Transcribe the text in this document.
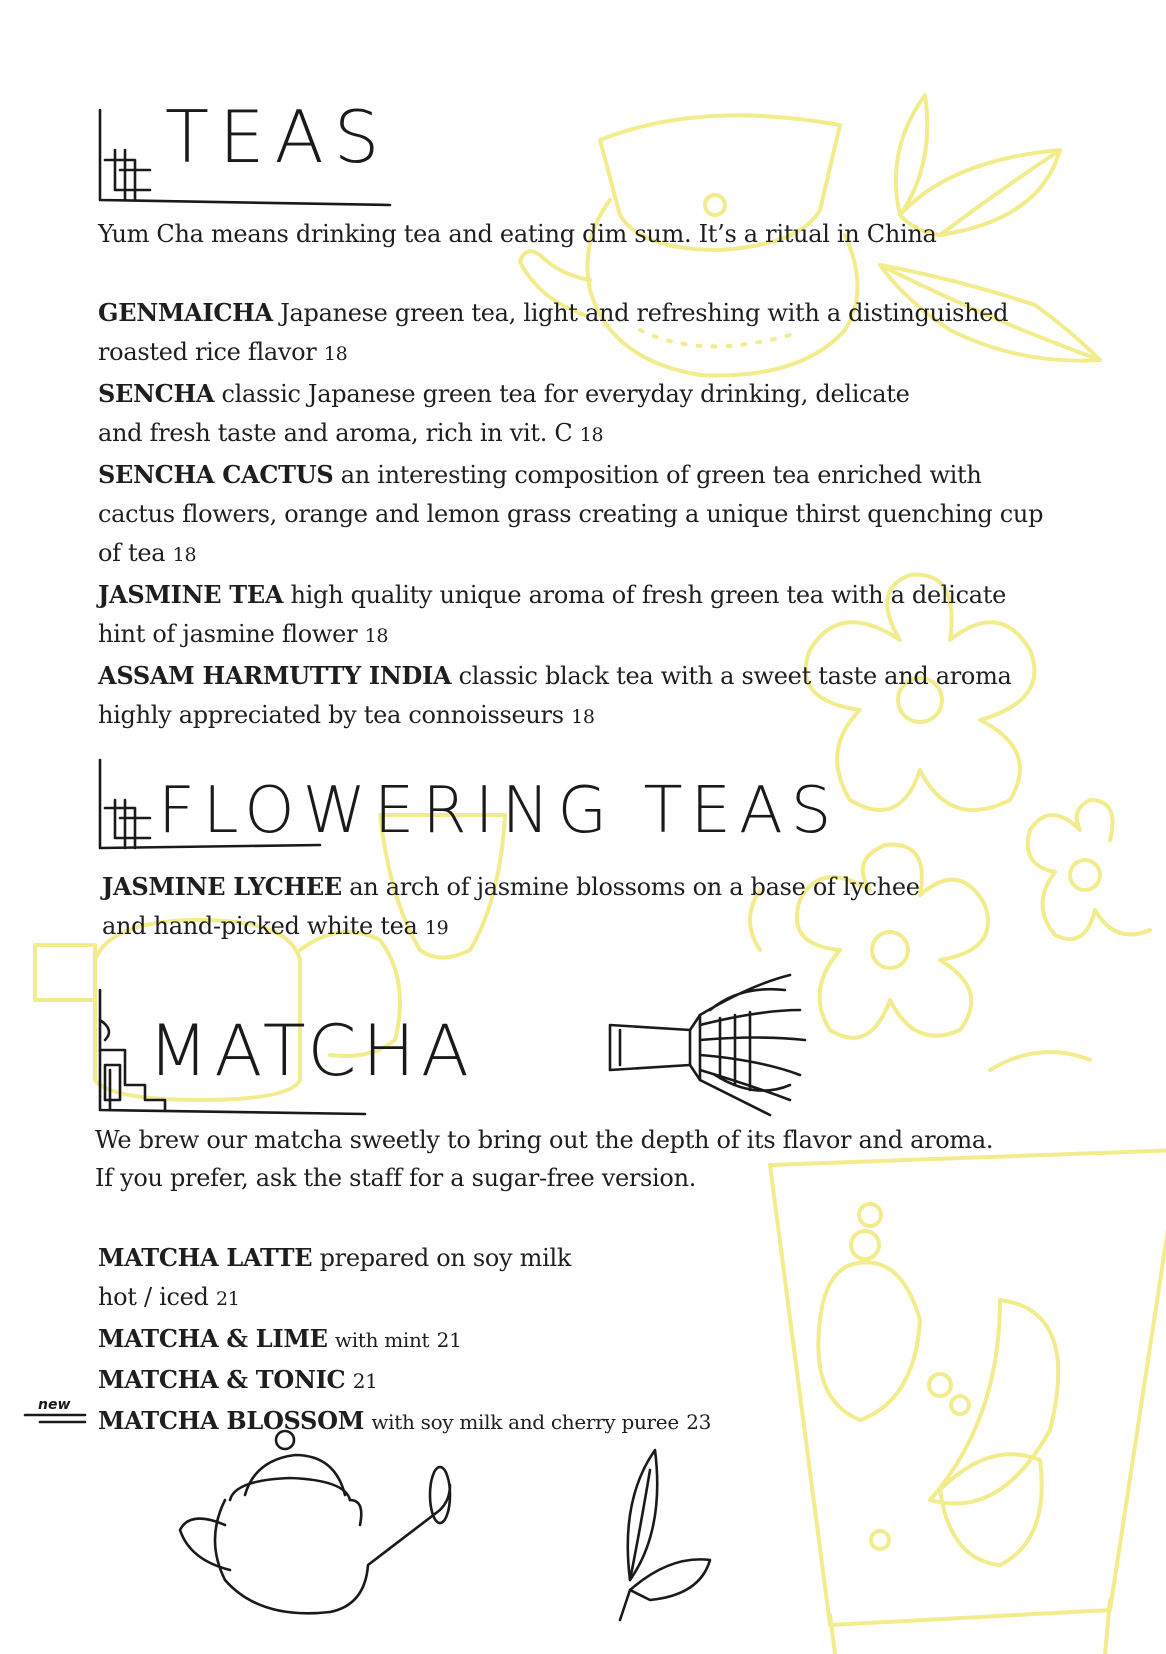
TEAS
FLOWERING TEAS
MATCHA
new
Yum Cha means drinking tea and eating dim sum. It’s a ritual in China

GENMAICHA Japanese green tea, light and refreshing with a distinguished roasted rice flavor 18

SENCHA classic Japanese green tea for everyday drinking, delicate and fresh taste and aroma, rich in vit. C 18

SENCHA CACTUS an interesting composition of green tea enriched with cactus flowers, orange and lemon grass creating a unique thirst quenching cup of tea 18

JASMINE TEA high quality unique aroma of fresh green tea with a delicate hint of jasmine flower 18

ASSAM HARMUTTY INDIA classic black tea with a sweet taste and aroma highly appreciated by tea connoisseurs 18

JASMINE LYCHEE an arch of jasmine blossoms on a base of lychee and hand-picked white tea 19

We brew our matcha sweetly to bring out the depth of its flavor and aroma.
If you prefer, ask the staff for a sugar-free version.

MATCHA LATTE prepared on soy milk

hot / iced 21

MATCHA & LIME with mint 21

MATCHA & TONIC 21

MATCHA BLOSSOM with soy milk and cherry puree 23
